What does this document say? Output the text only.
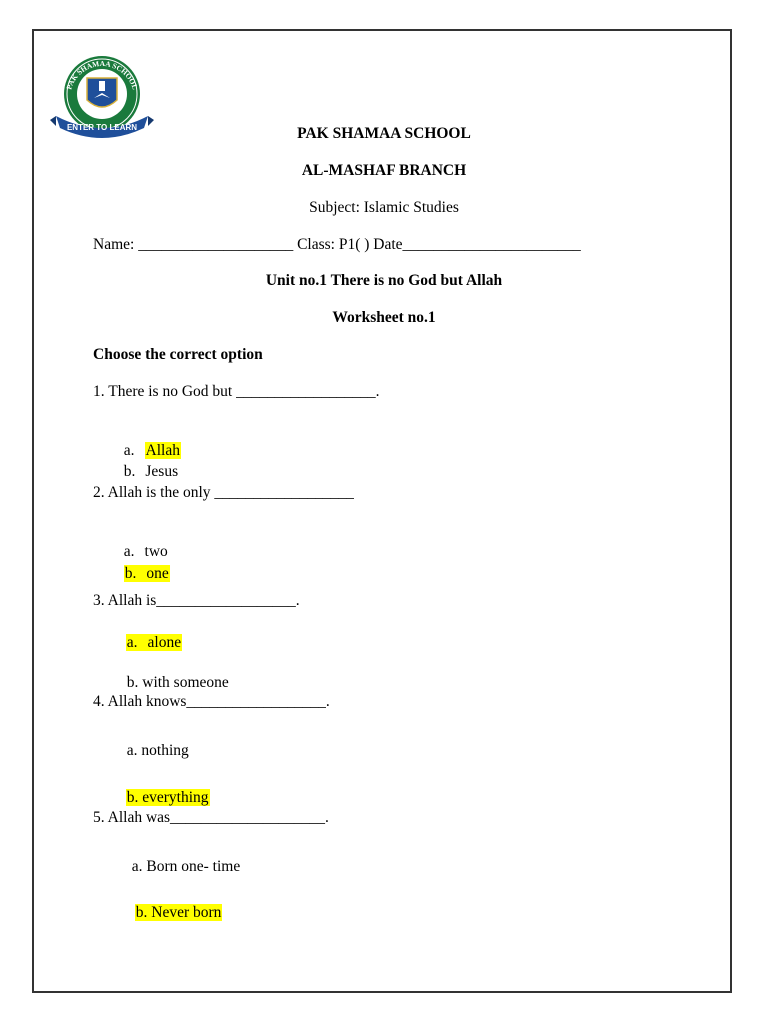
PAK SHAMAA SCHOOL
ENTER TO LEARN	PAK SHAMAA SCHOOL
AL-MASHAF BRANCH
Subject: Islamic Studies
Name: ____________________ Class: P1( ) Date_______________________
Unit no.1 There is no God but Allah
Worksheet no.1
Choose the correct option
1. There is no God but __________________.

a. Allah

b. Jesus

2. Allah is the only __________________

a. two

b. one

3. Allah is__________________.

a. alone

b. with someone

4. Allah knows__________________.

a. nothing

b. everything

5. Allah was____________________.

a. Born one- time

b. Never born
